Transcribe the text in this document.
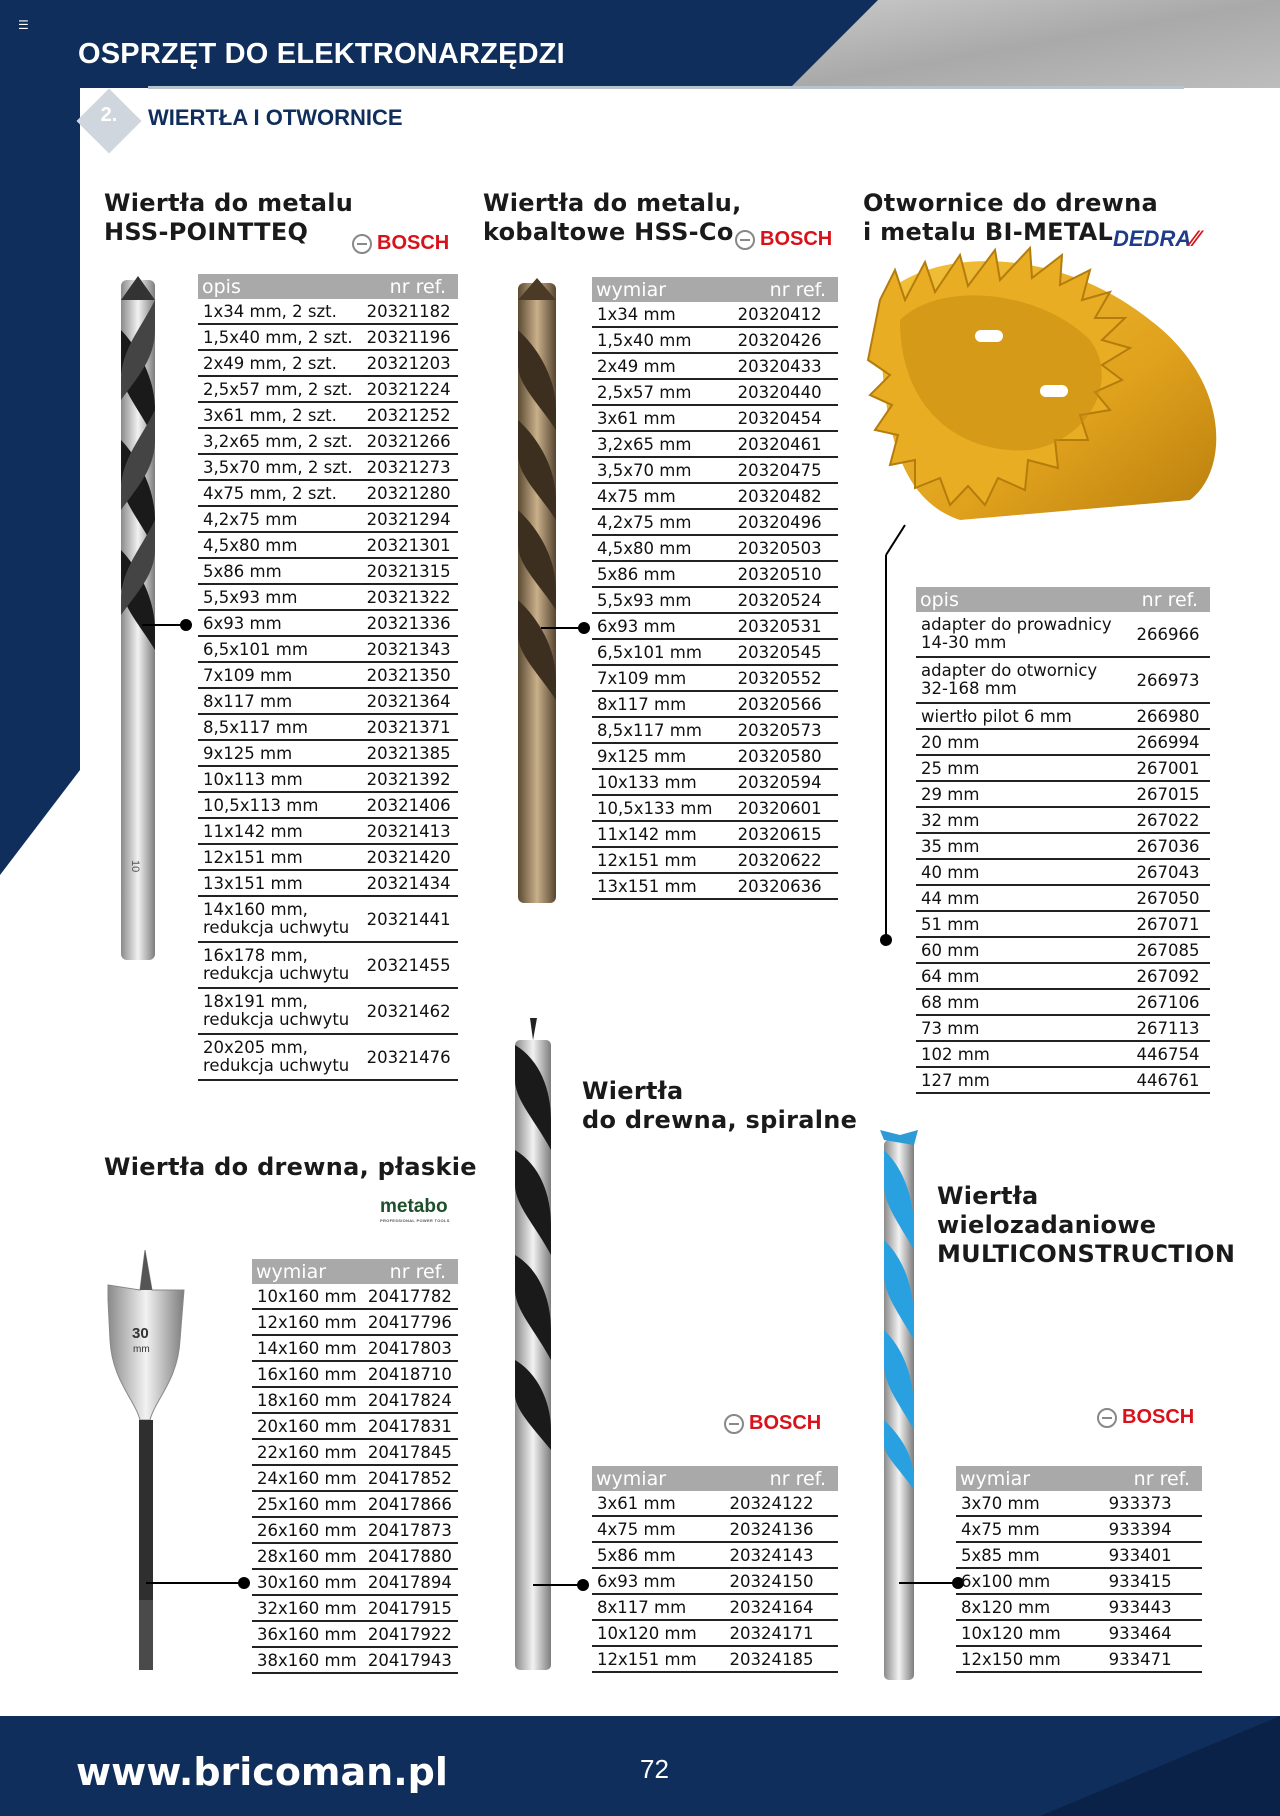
10
30
mm
☰
OSPRZĘT DO ELEKTRONARZĘDZI
2.	WIERTŁA I OTWORNICE
Wiertła do metalu
HSS-POINTTEQ	BOSCH
opis	nr ref.
1x34 mm, 2 szt.	20321182
1,5x40 mm, 2 szt.	20321196
2x49 mm, 2 szt.	20321203
2,5x57 mm, 2 szt.	20321224
3x61 mm, 2 szt.	20321252
3,2x65 mm, 2 szt.	20321266
3,5x70 mm, 2 szt.	20321273
4x75 mm, 2 szt.	20321280
4,2x75 mm	20321294
4,5x80 mm	20321301
5x86 mm	20321315
5,5x93 mm	20321322
6x93 mm	20321336
6,5x101 mm	20321343
7x109 mm	20321350
8x117 mm	20321364
8,5x117 mm	20321371
9x125 mm	20321385
10x113 mm	20321392
10,5x113 mm	20321406
11x142 mm	20321413
12x151 mm	20321420
13x151 mm	20321434

14x160 mm,
redukcja uchwytu	20321441

16x178 mm,
redukcja uchwytu	20321455

18x191 mm,
redukcja uchwytu	20321462

20x205 mm,
redukcja uchwytu	20321476
Wiertła do metalu,
kobaltowe HSS-Co	BOSCH
wymiar	nr ref.
1x34 mm	20320412
1,5x40 mm	20320426
2x49 mm	20320433
2,5x57 mm	20320440
3x61 mm	20320454
3,2x65 mm	20320461
3,5x70 mm	20320475
4x75 mm	20320482
4,2x75 mm	20320496
4,5x80 mm	20320503
5x86 mm	20320510
5,5x93 mm	20320524
6x93 mm	20320531
6,5x101 mm	20320545
7x109 mm	20320552
8x117 mm	20320566
8,5x117 mm	20320573
9x125 mm	20320580
10x133 mm	20320594
10,5x133 mm	20320601
11x142 mm	20320615
12x151 mm	20320622
13x151 mm	20320636
Otwornice do drewna
i metalu BI-METAL DEDRA⁄⁄
opis	nr ref.

adapter do prowadnicy
14-30 mm	266966

adapter do otwornicy
32-168 mm	266973
wiertło pilot 6 mm	266980
20 mm	266994
25 mm	267001
29 mm	267015
32 mm	267022
35 mm	267036
40 mm	267043
44 mm	267050
51 mm	267071
60 mm	267085
64 mm	267092
68 mm	267106
73 mm	267113
102 mm	446754
127 mm	446761
Wiertła do drewna, płaskie
metabo
PROFESSIONAL POWER TOOLS
wymiar	nr ref.
10x160 mm	20417782
12x160 mm	20417796
14x160 mm	20417803
16x160 mm	20418710
18x160 mm	20417824
20x160 mm	20417831
22x160 mm	20417845
24x160 mm	20417852
25x160 mm	20417866
26x160 mm	20417873
28x160 mm	20417880
30x160 mm	20417894
32x160 mm	20417915
36x160 mm	20417922
38x160 mm	20417943
Wiertła
do drewna, spiralne
BOSCH
wymiar	nr ref.
3x61 mm	20324122
4x75 mm	20324136
5x86 mm	20324143
6x93 mm	20324150
8x117 mm	20324164
10x120 mm	20324171
12x151 mm	20324185
Wiertła
wielozadaniowe
MULTICONSTRUCTION
BOSCH
wymiar	nr ref.
3x70 mm	933373
4x75 mm	933394
5x85 mm	933401
6x100 mm	933415
8x120 mm	933443
10x120 mm	933464
12x150 mm	933471
www.bricoman.pl	72
